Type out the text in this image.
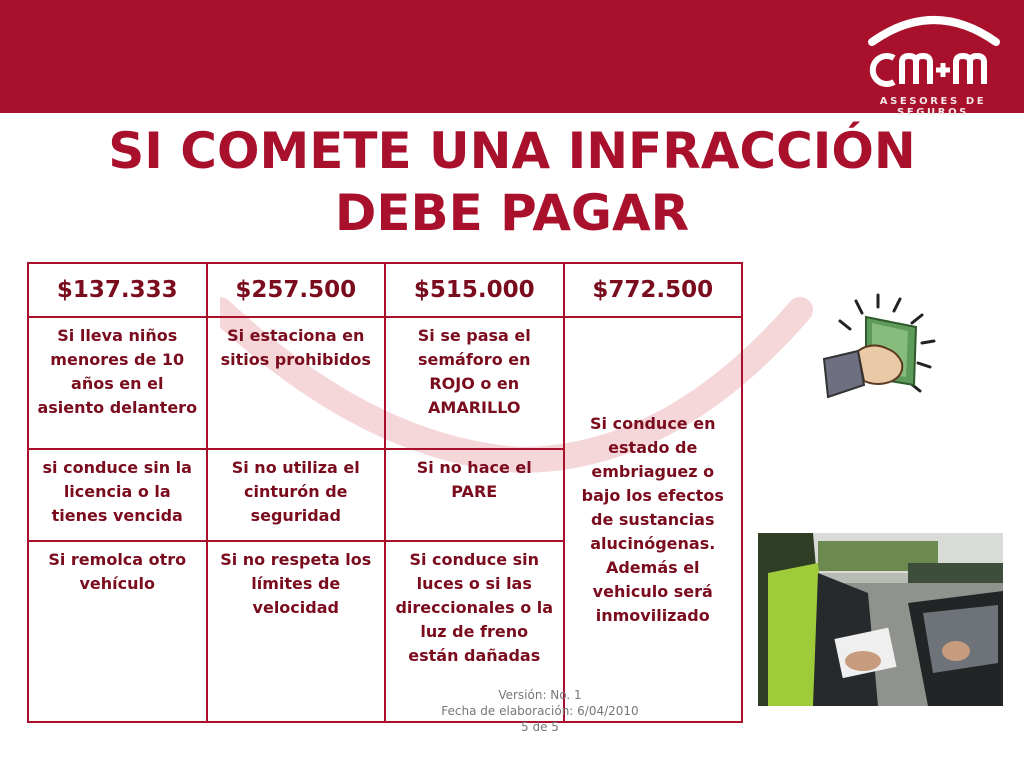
ASESORES DE SEGUROS
SI COMETE UNA INFRACCIÓN
DEBE PAGAR
$137.333	$257.500	$515.000	$772.500
Si lleva niños menores de 10 años en el asiento delantero	Si estaciona en sitios prohibidos	Si se pasa el semáforo en ROJO o en AMARILLO	Si conduce en estado de embriaguez o bajo los efectos de sustancias alucinógenas. Además el vehiculo será inmovilizado
si conduce sin la licencia o la tienes vencida	Si no utiliza el cinturón de seguridad	Si no hace el PARE	
Si remolca otro vehículo	Si no respeta los límites de velocidad	Si conduce sin luces o si las direccionales o la luz de freno están dañadas	
Versión: No. 1
Fecha de elaboración: 6/04/2010
5 de 5
